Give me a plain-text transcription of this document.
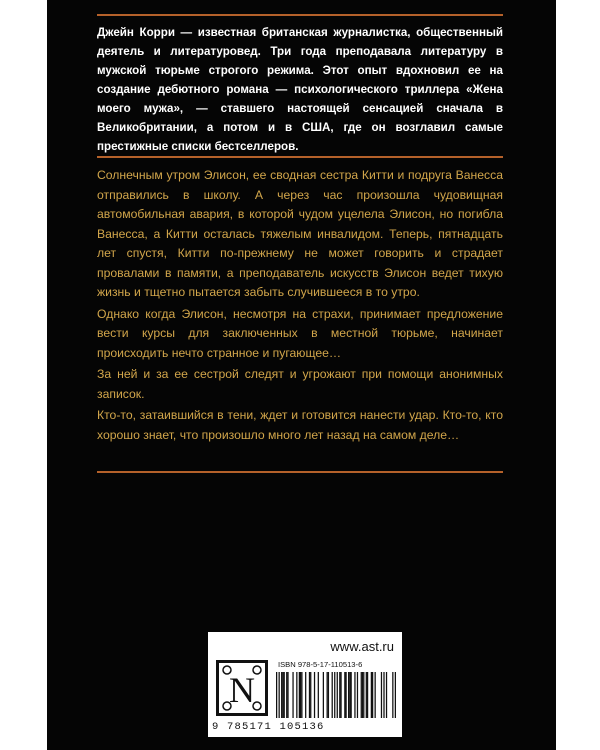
Джейн Корри — известная британская журналистка, общественный деятель и литературовед. Три года преподавала литературу в мужской тюрьме строгого режима. Этот опыт вдохновил ее на создание дебютного романа — психологического триллера «Жена моего мужа», — ставшего настоящей сенсацией сначала в Великобритании, а потом и в США, где он возглавил самые престижные списки бестселлеров.

Солнечным утром Элисон, ее сводная сестра Китти и подруга Ванесса отправились в школу. А через час произошла чудовищная автомобильная авария, в которой чудом уцелела Элисон, но погибла Ванесса, а Китти осталась тяжелым инвалидом. Теперь, пятнадцать лет спустя, Китти по-прежнему не может говорить и страдает провалами в памяти, а преподаватель искусств Элисон ведет тихую жизнь и тщетно пытается забыть случившееся в то утро.

Однако когда Элисон, несмотря на страхи, принимает предложение вести курсы для заключенных в местной тюрьме, начинает происходить нечто странное и пугающее…

За ней и за ее сестрой следят и угрожают при помощи анонимных записок.

Кто-то, затаившийся в тени, ждет и готовится нанести удар. Кто-то, кто хорошо знает, что произошло много лет назад на самом деле…

www.ast.ru
N
ISBN 978-5-17-110513-6
9 785171 105136
